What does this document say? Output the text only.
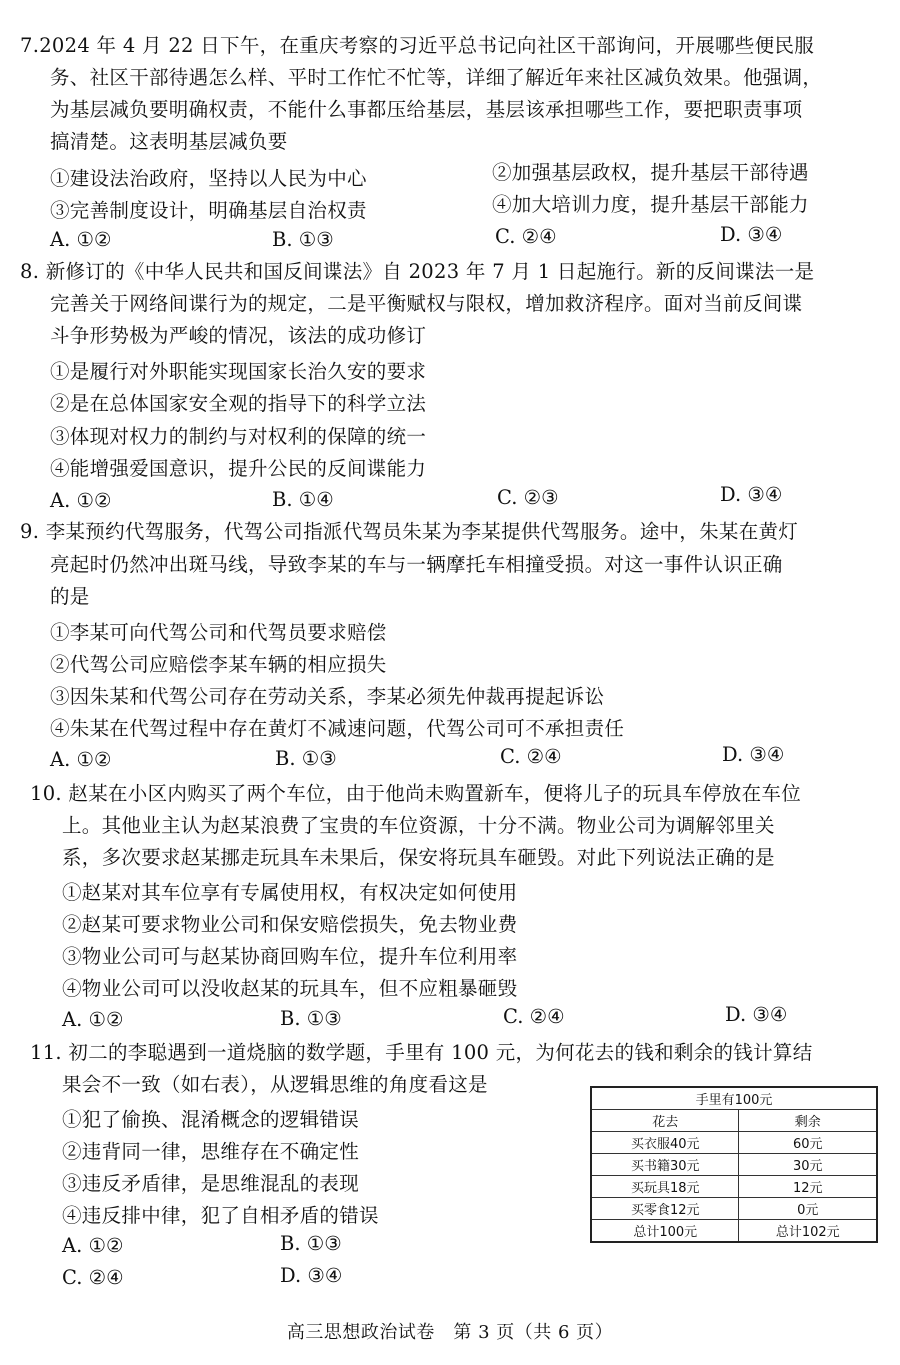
7.2024 年 4 月 22 日下午，在重庆考察的习近平总书记向社区干部询问，开展哪些便民服
务、社区干部待遇怎么样、平时工作忙不忙等，详细了解近年来社区减负效果。他强调，
为基层减负要明确权责，不能什么事都压给基层，基层该承担哪些工作，要把职责事项
搞清楚。这表明基层减负要
①建设法治政府，坚持以人民为中心	②加强基层政权，提升基层干部待遇
③完善制度设计，明确基层自治权责	④加大培训力度，提升基层干部能力
A. ①②	B. ①③	C. ②④	D. ③④
8. 新修订的《中华人民共和国反间谍法》自 2023 年 7 月 1 日起施行。新的反间谍法一是
完善关于网络间谍行为的规定，二是平衡赋权与限权，增加救济程序。面对当前反间谍
斗争形势极为严峻的情况，该法的成功修订
①是履行对外职能实现国家长治久安的要求
②是在总体国家安全观的指导下的科学立法
③体现对权力的制约与对权利的保障的统一
④能增强爱国意识，提升公民的反间谍能力
A. ①②	B. ①④	C. ②③	D. ③④
9. 李某预约代驾服务，代驾公司指派代驾员朱某为李某提供代驾服务。途中，朱某在黄灯
亮起时仍然冲出斑马线，导致李某的车与一辆摩托车相撞受损。对这一事件认识正确
的是
①李某可向代驾公司和代驾员要求赔偿
②代驾公司应赔偿李某车辆的相应损失
③因朱某和代驾公司存在劳动关系，李某必须先仲裁再提起诉讼
④朱某在代驾过程中存在黄灯不减速问题，代驾公司可不承担责任
A. ①②	B. ①③	C. ②④	D. ③④
10. 赵某在小区内购买了两个车位，由于他尚未购置新车，便将儿子的玩具车停放在车位
上。其他业主认为赵某浪费了宝贵的车位资源，十分不满。物业公司为调解邻里关
系，多次要求赵某挪走玩具车未果后，保安将玩具车砸毁。对此下列说法正确的是
①赵某对其车位享有专属使用权，有权决定如何使用
②赵某可要求物业公司和保安赔偿损失，免去物业费
③物业公司可与赵某协商回购车位，提升车位利用率
④物业公司可以没收赵某的玩具车，但不应粗暴砸毁
A. ①②	B. ①③	C. ②④	D. ③④
11. 初二的李聪遇到一道烧脑的数学题，手里有 100 元，为何花去的钱和剩余的钱计算结
果会不一致（如右表），从逻辑思维的角度看这是
①犯了偷换、混淆概念的逻辑错误
②违背同一律，思维存在不确定性
③违反矛盾律，是思维混乱的表现
④违反排中律，犯了自相矛盾的错误
A. ①②	B. ①③
C. ②④	D. ③④
手里有100元	
花去	剩余
买衣服40元	60元
买书籍30元	30元
买玩具18元	12元
买零食12元	0元
总计100元	总计102元
高三思想政治试卷　第 3 页（共 6 页）
